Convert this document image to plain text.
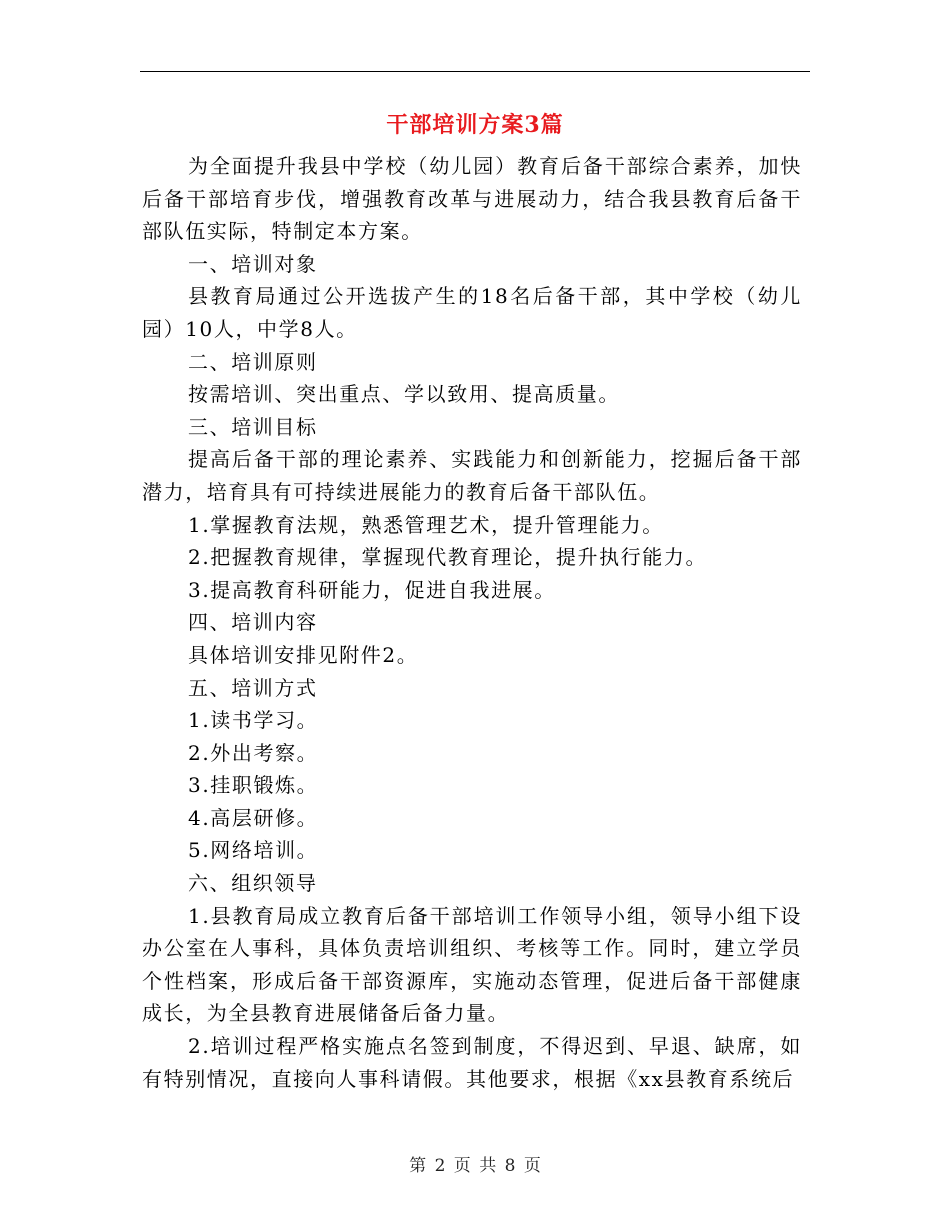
干部培训方案3篇

为全面提升我县中学校（幼儿园）教育后备干部综合素养，加快后备干部培育步伐，增强教育改革与进展动力，结合我县教育后备干部队伍实际，特制定本方案。

一、培训对象

县教育局通过公开选拔产生的18名后备干部，其中学校（幼儿园）10人，中学8人。

二、培训原则

按需培训、突出重点、学以致用、提高质量。

三、培训目标

提高后备干部的理论素养、实践能力和创新能力，挖掘后备干部潜力，培育具有可持续进展能力的教育后备干部队伍。

1.掌握教育法规，熟悉管理艺术，提升管理能力。

2.把握教育规律，掌握现代教育理论，提升执行能力。

3.提高教育科研能力，促进自我进展。

四、培训内容

具体培训安排见附件2。

五、培训方式

1.读书学习。

2.外出考察。

3.挂职锻炼。

4.高层研修。

5.网络培训。

六、组织领导

1.县教育局成立教育后备干部培训工作领导小组，领导小组下设办公室在人事科，具体负责培训组织、考核等工作。同时，建立学员个性档案，形成后备干部资源库，实施动态管理，促进后备干部健康成长，为全县教育进展储备后备力量。

2.培训过程严格实施点名签到制度，不得迟到、早退、缺席，如有特别情况，直接向人事科请假。其他要求，根据《xx县教育系统后

第 2 页 共 8 页
